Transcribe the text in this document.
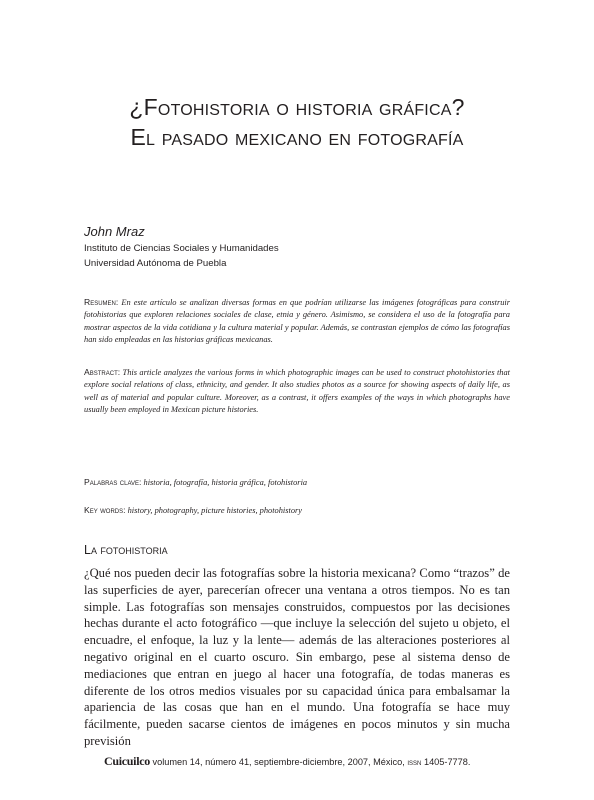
¿Fotohistoria o historia gráfica?
El pasado mexicano en fotografía
John Mraz
Instituto de Ciencias Sociales y Humanidades
Universidad Autónoma de Puebla
Resumen: En este artículo se analizan diversas formas en que podrían utilizarse las imágenes fotográficas para construir fotohistorias que exploren relaciones sociales de clase, etnia y género. Asimismo, se considera el uso de la fotografía para mostrar aspectos de la vida cotidiana y la cultura material y popular. Además, se contrastan ejemplos de cómo las fotografías han sido empleadas en las historias gráficas mexicanas.
Abstract: This article analyzes the various forms in which photographic images can be used to construct photohistories that explore social relations of class, ethnicity, and gender. It also studies photos as a source for showing aspects of daily life, as well as of material and popular culture. Moreover, as a contrast, it offers examples of the ways in which photographs have usually been employed in Mexican picture histories.
Palabras clave: historia, fotografía, historia gráfica, fotohistoria
Key words: history, photography, picture histories, photohistory
La fotohistoria
¿Qué nos pueden decir las fotografías sobre la historia mexicana? Como “trazos” de las superficies de ayer, parecerían ofrecer una ventana a otros tiempos. No es tan simple. Las fotografías son mensajes construidos, compuestos por las decisiones hechas durante el acto fotográfico —que incluye la selección del sujeto u objeto, el encuadre, el enfoque, la luz y la lente— además de las alteraciones posteriores al negativo original en el cuarto oscuro. Sin embargo, pese al sistema denso de mediaciones que entran en juego al hacer una fotografía, de todas maneras es diferente de los otros medios visuales por su capacidad única para embalsamar la apariencia de las cosas que han en el mundo. Una fotografía se hace muy fácilmente, pueden sacarse cientos de imágenes en pocos minutos y sin mucha previsión
Cuicuilco volumen 14, número 41, septiembre-diciembre, 2007, México, issn 1405-7778.
